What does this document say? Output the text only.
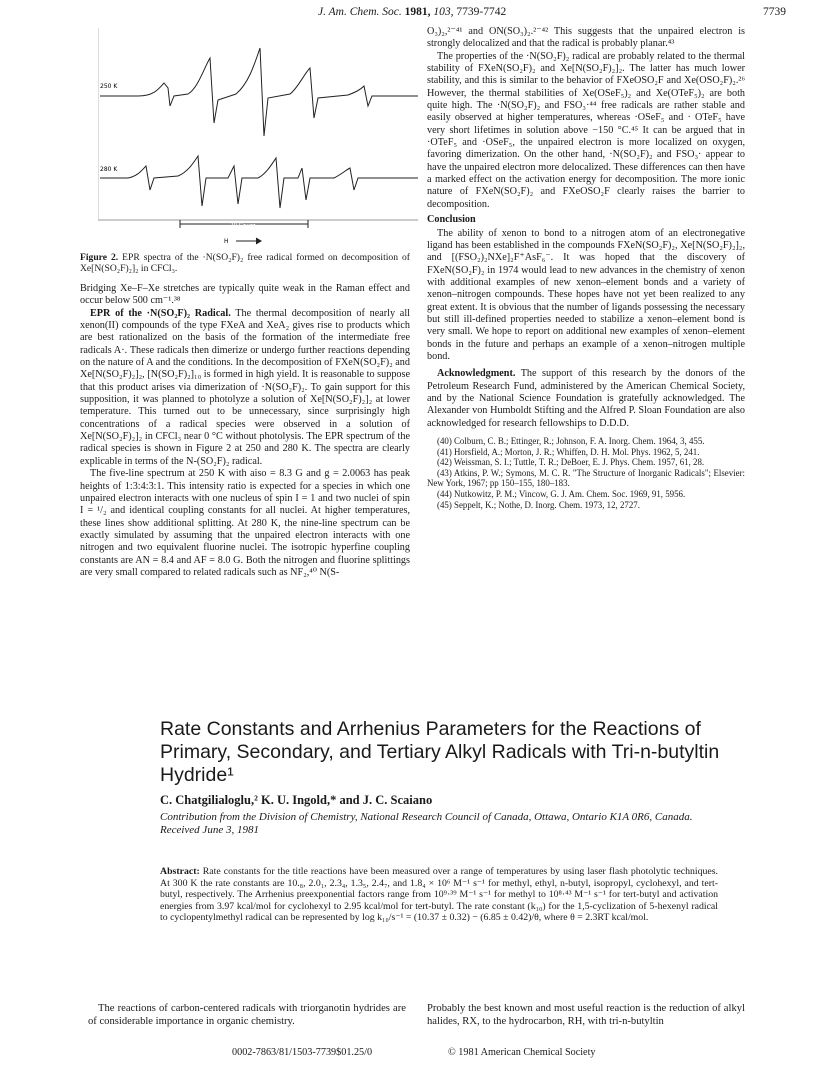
J. Am. Chem. Soc. 1981, 103, 7739-7742	7739
250 K
280 K
20 Gauss
H
Figure 2. EPR spectra of the ·N(SO₂F)₂ free radical formed on decomposition of Xe[N(SO₂F)₂]₂ in CFCl₃.

Bridging Xe–F–Xe stretches are typically quite weak in the Raman effect and occur below 500 cm⁻¹.³⁸

EPR of the ·N(SO₂F)₂ Radical. The thermal decomposition of nearly all xenon(II) compounds of the type FXeA and XeA₂ gives rise to products which are best rationalized on the basis of the formation of the intermediate free radicals A·. These radicals then dimerize or undergo further reactions depending on the nature of A and the conditions. In the decomposition of FXeN(SO₂F)₂ and Xe[N(SO₂F)₂]₂, [N(SO₂F)₂]₁₀ is formed in high yield. It is reasonable to suppose that this product arises via dimerization of ·N(SO₂F)₂. To gain support for this supposition, it was planned to photolyze a solution of Xe[N(SO₂F)₂]₂ at lower temperature. This turned out to be unnecessary, since surprisingly high concentrations of a radical species were observed in a solution of Xe[N(SO₂F)₂]₂ in CFCl₃ near 0 °C without photolysis. The EPR spectrum of the radical species is shown in Figure 2 at 250 and 280 K. The spectra are clearly explicable in terms of the N-(SO₂F)₂ radical.

The five-line spectrum at 250 K with aiso = 8.3 G and g = 2.0063 has peak heights of 1:3:4:3:1. This intensity ratio is expected for a species in which one unpaired electron interacts with one nucleus of spin I = 1 and two nuclei of spin I = ¹/₂ and identical coupling constants for all nuclei. At higher temperatures, these lines show additional splitting. At 280 K, the nine-line spectrum can be exactly simulated by assuming that the unpaired electron interacts with one nitrogen and two equivalent fluorine nuclei. The isotropic hyperfine coupling constants are AN = 8.4 and AF = 8.0 G. Both the nitrogen and fluorine splittings are very small compared to related radicals such as NF₂,⁴⁰ N(S-

O₃)₂,²⁻⁴¹ and ON(SO₃)₂.²⁻⁴² This suggests that the unpaired electron is strongly delocalized and that the radical is probably planar.⁴³

The properties of the ·N(SO₂F)₂ radical are probably related to the thermal stability of FXeN(SO₂F)₂ and Xe[N(SO₂F)₂]₂. The latter has much lower stability, and this is similar to the behavior of FXeOSO₂F and Xe(OSO₂F)₂.²⁶ However, the thermal stabilities of Xe(OSeF₅)₂ and Xe(OTeF₅)₂ are both quite high. The ·N(SO₂F)₂ and FSO₃·⁴⁴ free radicals are rather stable and easily observed at higher temperatures, whereas ·OSeF₅ and · OTeF₅ have very short lifetimes in solution above −150 °C.⁴⁵ It can be argued that in ·OTeF₅ and ·OSeF₅, the unpaired electron is more localized on oxygen, favoring dimerization. On the other hand, ·N(SO₂F)₂ and FSO₃· appear to have the unpaired electron more delocalized. These differences can then have a marked effect on the activation energy for decomposition. The more ionic nature of FXeN(SO₂F)₂ and FXeOSO₂F clearly raises the barrier to decomposition.

Conclusion

The ability of xenon to bond to a nitrogen atom of an electronegative ligand has been established in the compounds FXeN(SO₂F)₂, Xe[N(SO₂F)₂]₂, and [(FSO₂)₂NXe]₂F⁺AsF₆⁻. It was hoped that the discovery of FXeN(SO₂F)₂ in 1974 would lead to new advances in the chemistry of xenon with additional examples of new xenon–element bonds and a variety of xenon–nitrogen compounds. These hopes have not yet been realized to any great extent. It is obvious that the number of ligands possessing the necessary but still ill-defined properties needed to stabilize a xenon–element bond is very small. We hope to report on additional new examples of xenon–element bonds in the future and perhaps an example of a xenon–nitrogen multiple bond.

Acknowledgment. The support of this research by the donors of the Petroleum Research Fund, administered by the American Chemical Society, and by the National Science Foundation is gratefully acknowledged. The Alexander von Humboldt Stifting and the Alfred P. Sloan Foundation are also acknowledged for research fellowships to D.D.D.

(40) Colburn, C. B.; Ettinger, R.; Johnson, F. A. Inorg. Chem. 1964, 3, 455.
(41) Horsfield, A.; Morton, J. R.; Whiffen, D. H. Mol. Phys. 1962, 5, 241.
(42) Weissman, S. I.; Tuttle, T. R.; DeBoer, E. J. Phys. Chem. 1957, 61, 28.
(43) Atkins, P. W.; Symons, M. C. R. "The Structure of Inorganic Radicals"; Elsevier: New York, 1967; pp 150–155, 180–183.
(44) Nutkowitz, P. M.; Vincow, G. J. Am. Chem. Soc. 1969, 91, 5956.
(45) Seppelt, K.; Nothe, D. Inorg. Chem. 1973, 12, 2727.
Rate Constants and Arrhenius Parameters for the Reactions of Primary, Secondary, and Tertiary Alkyl Radicals with Tri-n-butyltin Hydride¹
C. Chatgilialoglu,² K. U. Ingold,* and J. C. Scaiano
Contribution from the Division of Chemistry, National Research Council of Canada, Ottawa, Ontario K1A 0R6, Canada. Received June 3, 1981
Abstract: Rate constants for the title reactions have been measured over a range of temperatures by using laser flash photolytic techniques. At 300 K the rate constants are 10.₈, 2.0₁, 2.3₄, 1.3₅, 2.4₇, and 1.8₄ × 10⁶ M⁻¹ s⁻¹ for methyl, ethyl, n-butyl, isopropyl, cyclohexyl, and tert-butyl, respectively. The Arrhenius preexponential factors range from 10⁹·³⁹ M⁻¹ s⁻¹ for methyl to 10⁸·⁴³ M⁻¹ s⁻¹ for tert-butyl and activation energies from 3.97 kcal/mol for cyclohexyl to 2.95 kcal/mol for tert-butyl. The rate constant (k₁₀) for the 1,5-cyclization of 5-hexenyl radical to cyclopentylmethyl radical can be represented by log k₁₀/s⁻¹ = (10.37 ± 0.32) − (6.85 ± 0.42)/θ, where θ = 2.3RT kcal/mol.
The reactions of carbon-centered radicals with triorganotin hydrides are of considerable importance in organic chemistry.
Probably the best known and most useful reaction is the reduction of alkyl halides, RX, to the hydrocarbon, RH, with tri-n-butyltin
0002-7863/81/1503-7739$01.25/0	© 1981 American Chemical Society
